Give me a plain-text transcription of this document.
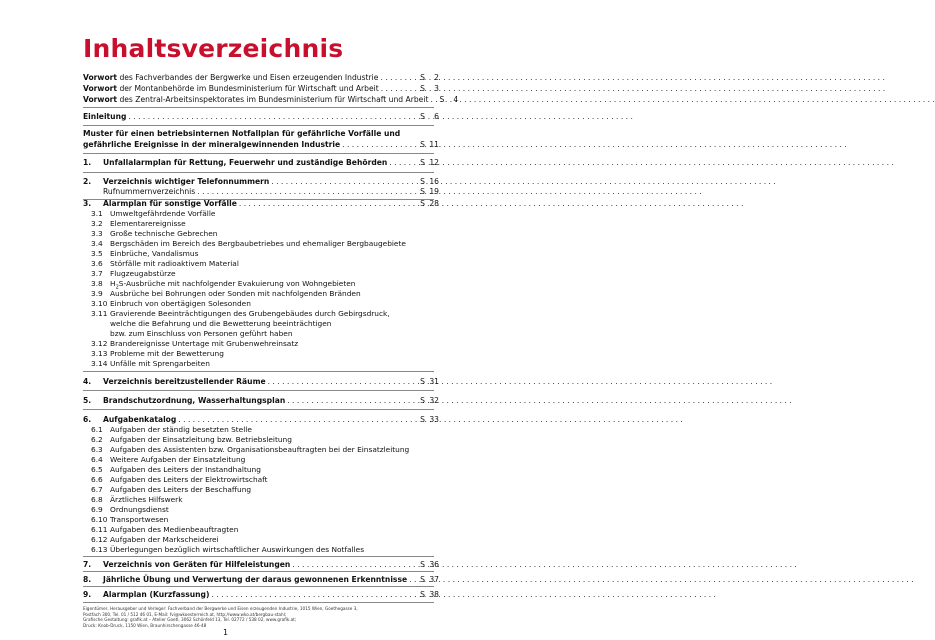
Inhaltsverzeichnis
Vorwort des Fachverbandes der Bergwerke und Eisen erzeugenden Industrie . . .	S	2
Vorwort der Montanbehörde im Bundesministerium für Wirtschaft und Arbeit . . .	S	3
Vorwort des Zentral-Arbeitsinspektorates im Bundesministerium für Wirtschaft und Arbeit . . . S	4
Einleitung . . .	S	6
Muster für einen betriebsinternen Notfallplan für gefährliche Vorfälle und
gefährliche Ereignisse in der mineralgewinnenden Industrie . . .	S 11
1.	Unfallalarmplan für Rettung, Feuerwehr und zuständige Behörden . . .	S 12
2.	Verzeichnis wichtiger Telefonnummern . . .	S 16
Rufnummernverzeichnis . . .	S 19
3.	Alarmplan für sonstige Vorfälle . . .	S 28
3.1 Umweltgefährdende Vorfälle
3.2 Elementarereignisse
3.3 Große technische Gebrechen
3.4 Bergschäden im Bereich des Bergbaubetriebes und ehemaliger Bergbaugebiete
3.5 Einbrüche, Vandalismus
3.6 Störfälle mit radioaktivem Material
3.7 Flugzeugabstürze
3.8 $H_2S$-Ausbrüche mit nachfolgender Evakuierung von Wohngebieten
3.9 Ausbrüche bei Bohrungen oder Sonden mit nachfolgenden Bränden
3.10 Einbruch von obertägigen Solesonden
3.11 Gravierende Beeinträchtigungen des Grubengebäudes durch Gebirgsdruck,
welche die Befahrung und die Bewetterung beeinträchtigen
bzw. zum Einschluss von Personen geführt haben
3.12 Brandereignisse Untertage mit Grubenwehreinsatz
3.13 Probleme mit der Bewetterung
3.14 Unfälle mit Sprengarbeiten
4.	Verzeichnis bereitzustellender Räume . . .	S 31
5.	Brandschutzordnung, Wasserhaltungsplan . . .	S 32
6.	Aufgabenkatalog . . .	S 33
6.1 Aufgaben der ständig besetzten Stelle
6.2 Aufgaben der Einsatzleitung bzw. Betriebsleitung
6.3 Aufgaben des Assistenten bzw. Organisationsbeauftragten bei der Einsatzleitung
6.4 Weitere Aufgaben der Einsatzleitung
6.5 Aufgaben des Leiters der Instandhaltung
6.6 Aufgaben des Leiters der Elektrowirtschaft
6.7 Aufgaben des Leiters der Beschaffung
6.8 Ärztliches Hilfswerk
6.9 Ordnungsdienst
6.10 Transportwesen
6.11 Aufgaben des Medienbeauftragten
Eigentümer, Herausgeber und Verleger: Fachverband der Bergwerke und Eisen erzeugenden Industrie, 1015 Wien, Goethegasse 3,
Postfach 300, Tel. 01 / 512 46 01, E-Mail: fvi@wkoesterreich.at, http://www.wko.at/bergbau-stahl;
Grafische Gestaltung: grafik.at – Atelier Goetl, 3062 Schönfeld 13, Tel. 02772 / 538 02, www.grafik.at;
Druck: Knob-Druck, 1150 Wien, Braunhirschengasse 46-48
1
6.12 Aufgaben der Markscheiderei
6.13 Überlegungen bezüglich wirtschaftlicher Auswirkungen des Notfalles
7.	Verzeichnis von Geräten für Hilfeleistungen . . .	S 36
8.	Jährliche Übung und Verwertung der daraus gewonnenen Erkenntnisse . . . S 37
9.	Alarmplan (Kurzfassung) . . .	S 38
